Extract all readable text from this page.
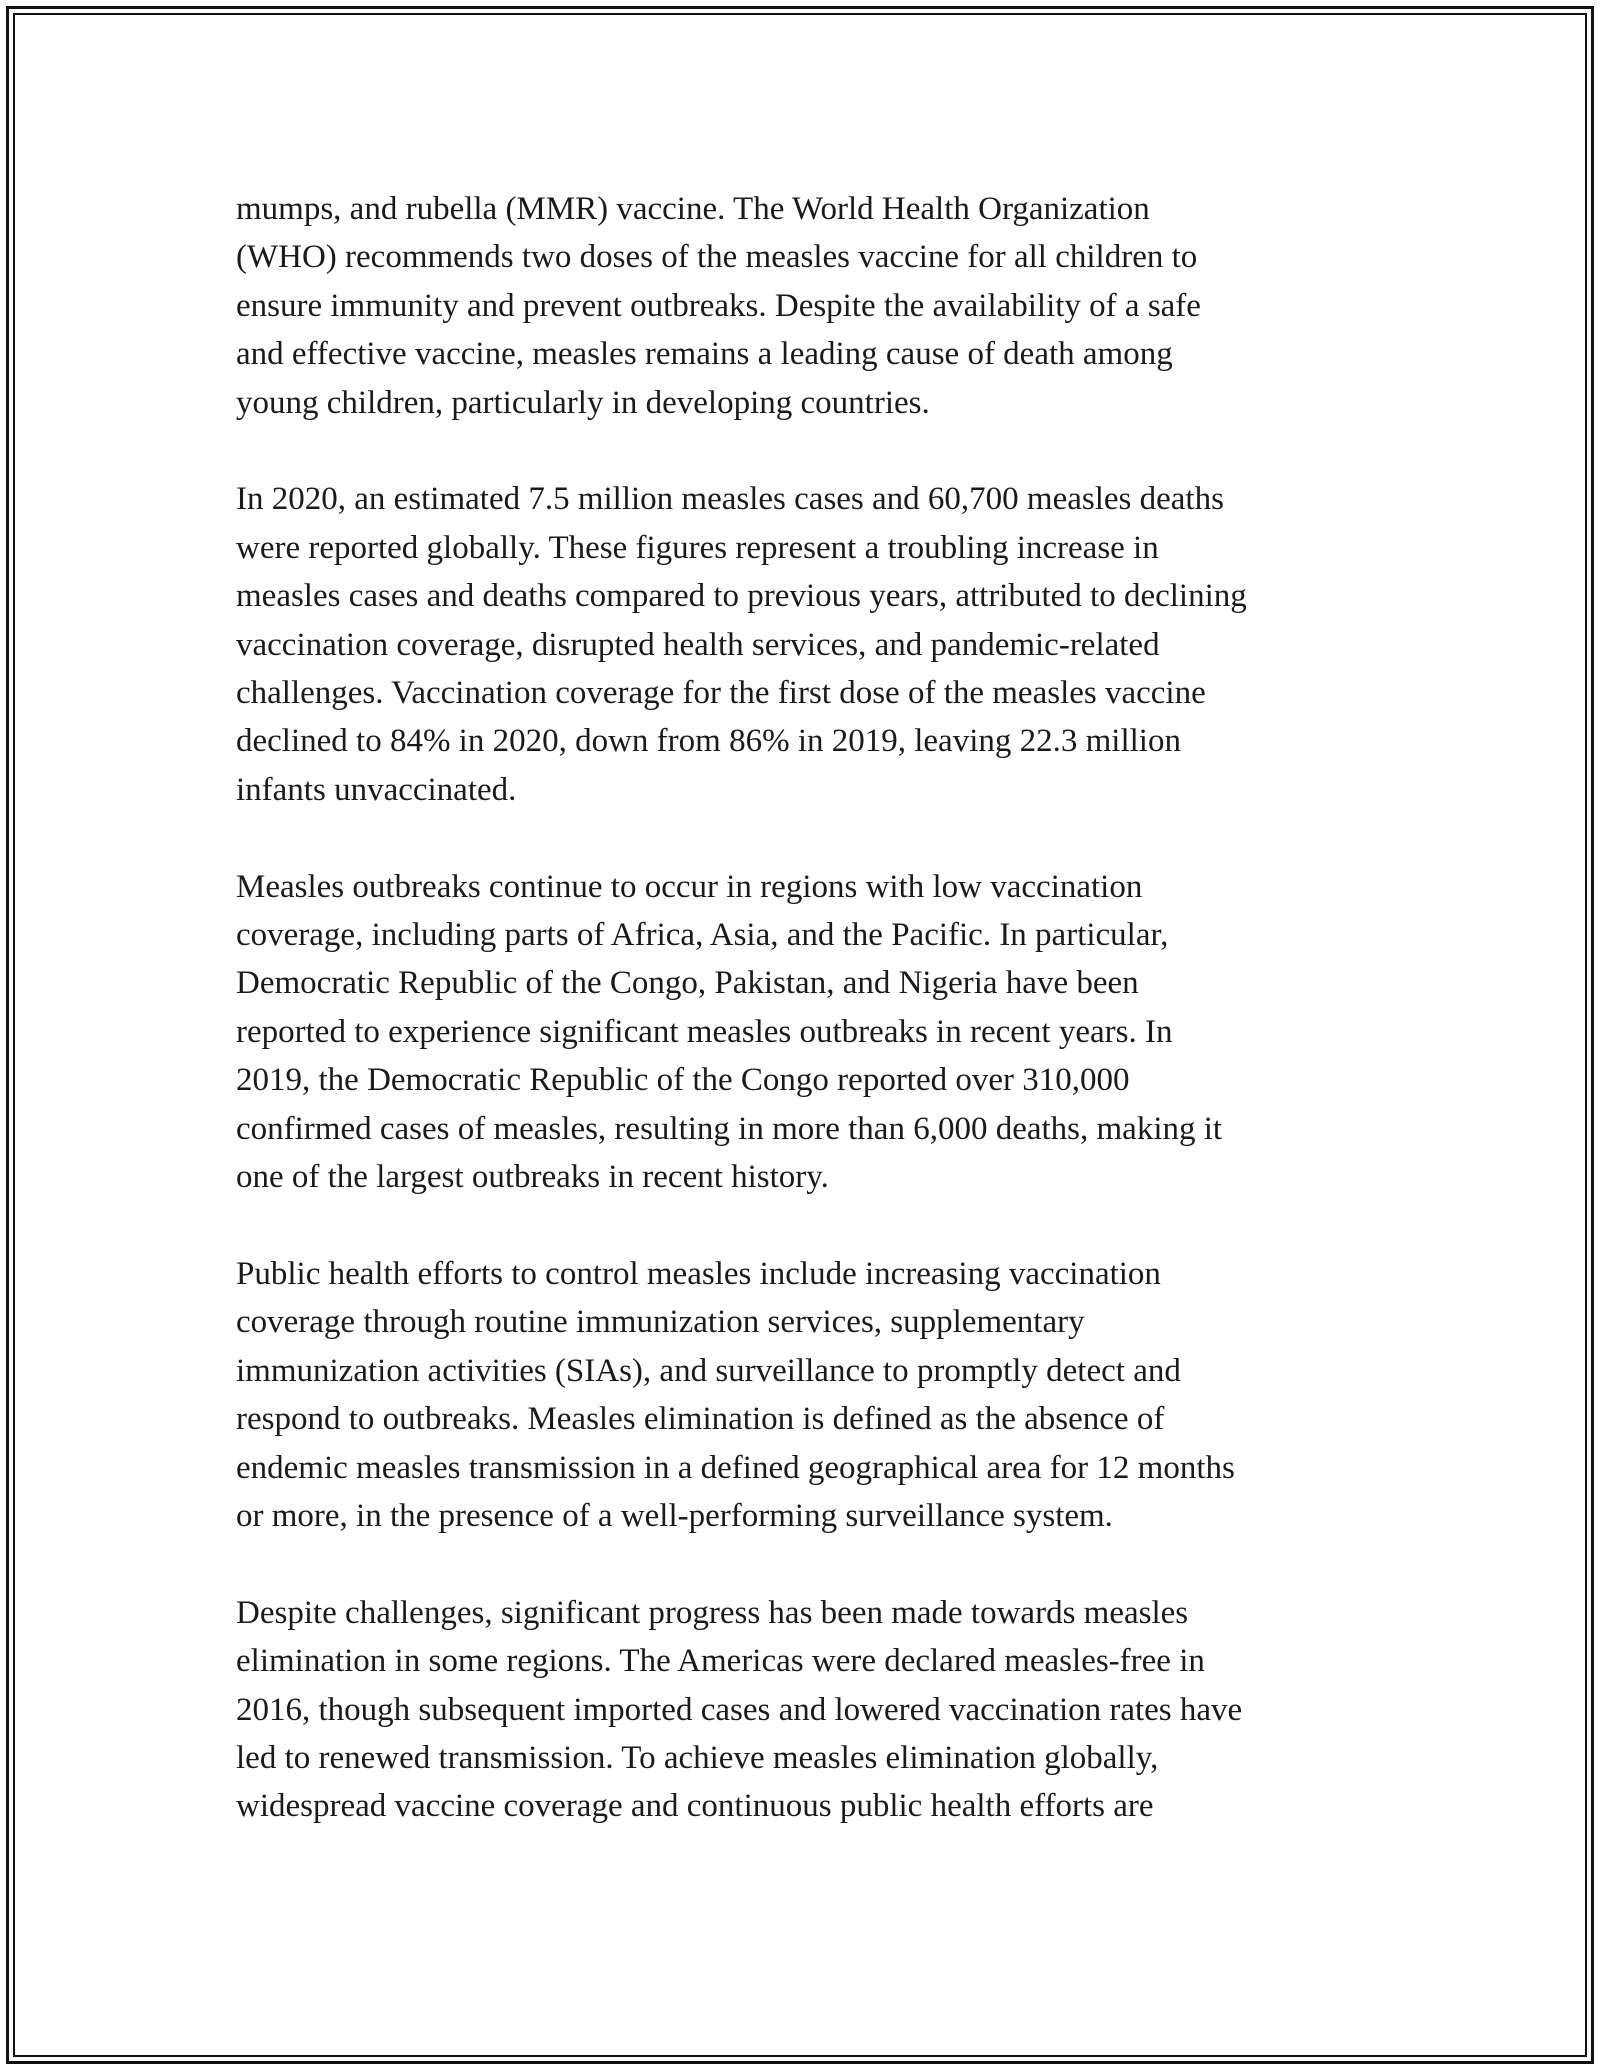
mumps, and rubella (MMR) vaccine. The World Health Organization
(WHO) recommends two doses of the measles vaccine for all children to
ensure immunity and prevent outbreaks. Despite the availability of a safe
and effective vaccine, measles remains a leading cause of death among
young children, particularly in developing countries.

In 2020, an estimated 7.5 million measles cases and 60,700 measles deaths
were reported globally. These figures represent a troubling increase in
measles cases and deaths compared to previous years, attributed to declining
vaccination coverage, disrupted health services, and pandemic-related
challenges. Vaccination coverage for the first dose of the measles vaccine
declined to 84% in 2020, down from 86% in 2019, leaving 22.3 million
infants unvaccinated.

Measles outbreaks continue to occur in regions with low vaccination
coverage, including parts of Africa, Asia, and the Pacific. In particular,
Democratic Republic of the Congo, Pakistan, and Nigeria have been
reported to experience significant measles outbreaks in recent years. In
2019, the Democratic Republic of the Congo reported over 310,000
confirmed cases of measles, resulting in more than 6,000 deaths, making it
one of the largest outbreaks in recent history.

Public health efforts to control measles include increasing vaccination
coverage through routine immunization services, supplementary
immunization activities (SIAs), and surveillance to promptly detect and
respond to outbreaks. Measles elimination is defined as the absence of
endemic measles transmission in a defined geographical area for 12 months
or more, in the presence of a well-performing surveillance system.

Despite challenges, significant progress has been made towards measles
elimination in some regions. The Americas were declared measles-free in
2016, though subsequent imported cases and lowered vaccination rates have
led to renewed transmission. To achieve measles elimination globally,
widespread vaccine coverage and continuous public health efforts are
